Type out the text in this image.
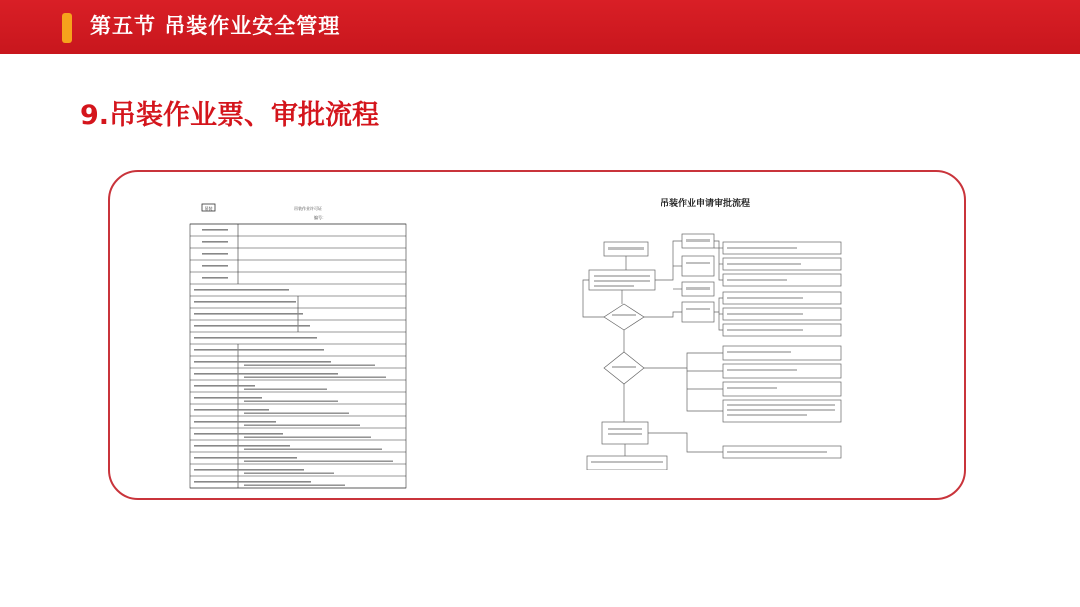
第五节 吊装作业安全管理
9.吊装作业票、审批流程
吊装	吊装作业许可证
编号：
吊装作业申请审批流程
